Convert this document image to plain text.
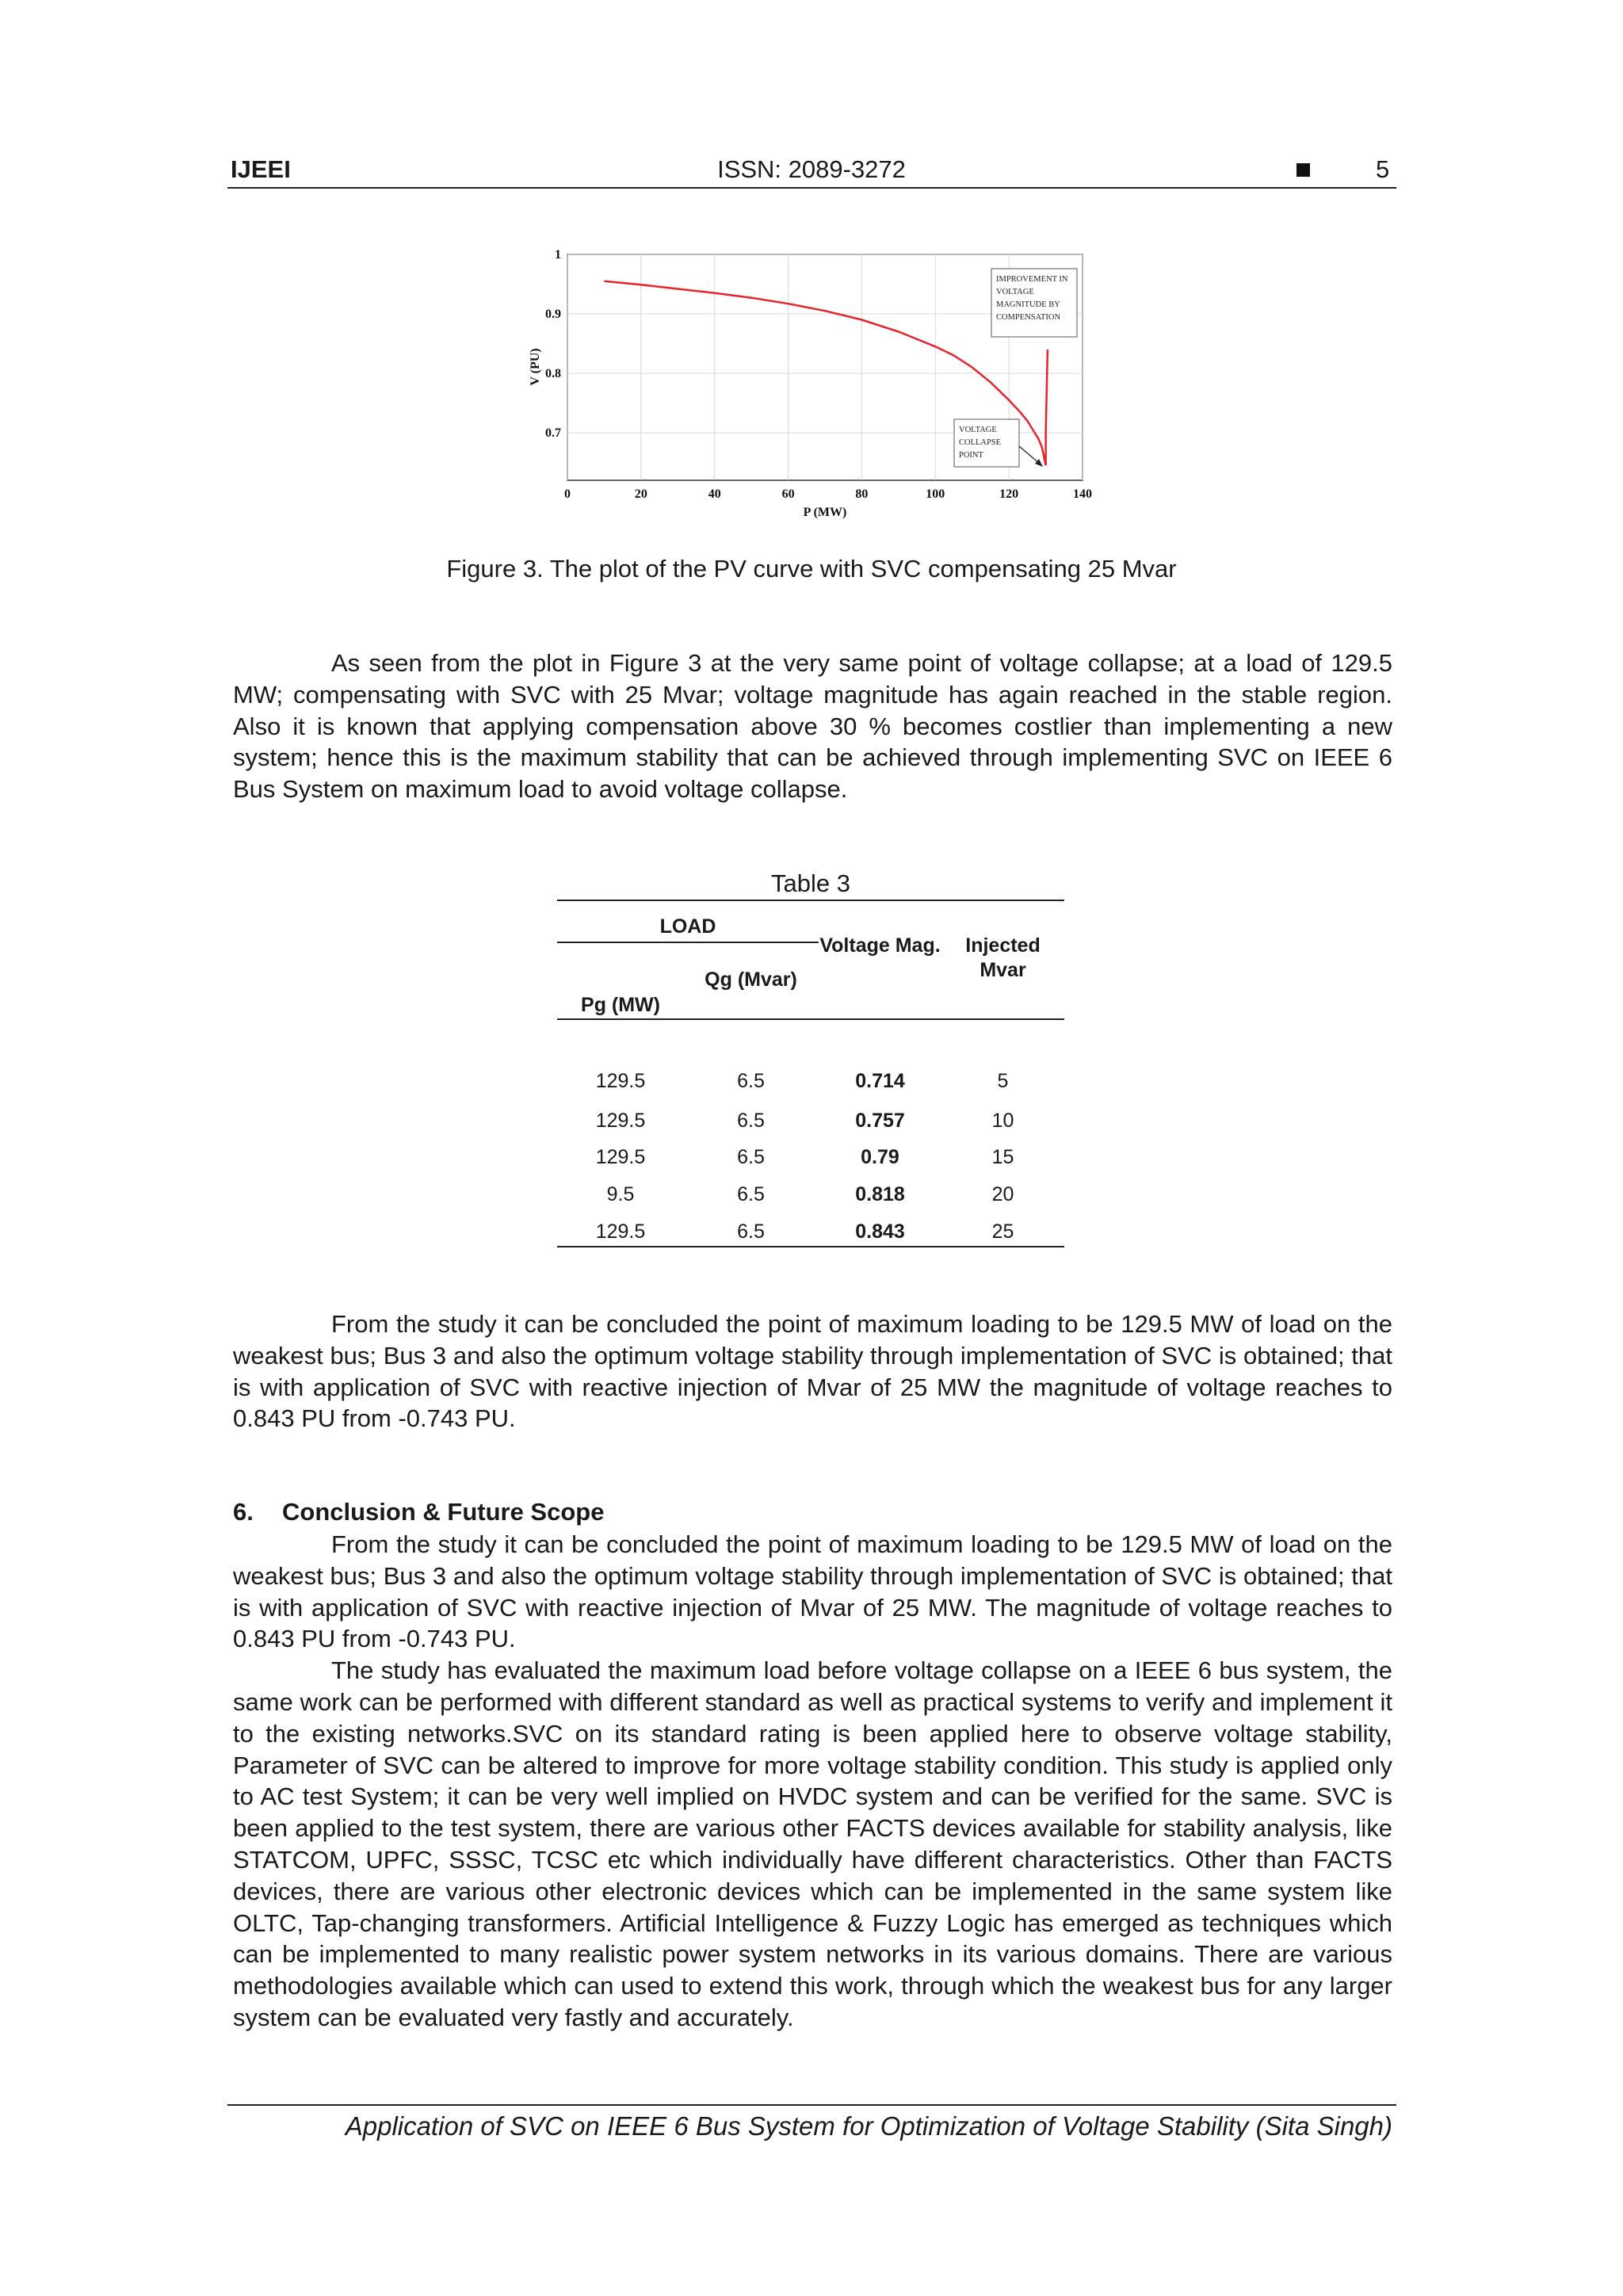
IJEEI	ISSN: 2089-3272	5
0	20	40	60	80	100	120	140
0.7
0.8
0.9
1
P (MW)
V (PU)
IMPROVEMENT IN
VOLTAGE
MAGNITUDE BY
COMPENSATION
VOLTAGE
COLLAPSE
POINT
Figure 3. The plot of the PV curve with SVC compensating 25 Mvar

As seen from the plot in Figure 3 at the very same point of voltage collapse; at a load of 129.5 MW; compensating with SVC with 25 Mvar; voltage magnitude has again reached in the stable region. Also it is known that applying compensation above 30 % becomes costlier than implementing a new system; hence this is the maximum stability that can be achieved through implementing SVC on IEEE 6 Bus System on maximum load to avoid voltage collapse.

Table 3
LOAD
Pg (MW)
Qg (Mvar)
Voltage Mag.	Injected Mvar
129.5	6.5	0.714	5
129.5	6.5	0.757	10
129.5	6.5	0.79	15
9.5	6.5	0.818	20
129.5	6.5	0.843	25

From the study it can be concluded the point of maximum loading to be 129.5 MW of load on the weakest bus; Bus 3 and also the optimum voltage stability through implementation of SVC is obtained; that is with application of SVC with reactive injection of Mvar of 25 MW the magnitude of voltage reaches to 0.843 PU from -0.743 PU.

6. Conclusion & Future Scope

From the study it can be concluded the point of maximum loading to be 129.5 MW of load on the weakest bus; Bus 3 and also the optimum voltage stability through implementation of SVC is obtained; that is with application of SVC with reactive injection of Mvar of 25 MW. The magnitude of voltage reaches to 0.843 PU from -0.743 PU.
The study has evaluated the maximum load before voltage collapse on a IEEE 6 bus system, the same work can be performed with different standard as well as practical systems to verify and implement it to the existing networks.SVC on its standard rating is been applied here to observe voltage stability, Parameter of SVC can be altered to improve for more voltage stability condition. This study is applied only to AC test System; it can be very well implied on HVDC system and can be verified for the same. SVC is been applied to the test system, there are various other FACTS devices available for stability analysis, like STATCOM, UPFC, SSSC, TCSC etc which individually have different characteristics. Other than FACTS devices, there are various other electronic devices which can be implemented in the same system like OLTC, Tap-changing transformers. Artificial Intelligence & Fuzzy Logic has emerged as techniques which can be implemented to many realistic power system networks in its various domains. There are various methodologies available which can used to extend this work, through which the weakest bus for any larger system can be evaluated very fastly and accurately.

Application of SVC on IEEE 6 Bus System for Optimization of Voltage Stability (Sita Singh)
